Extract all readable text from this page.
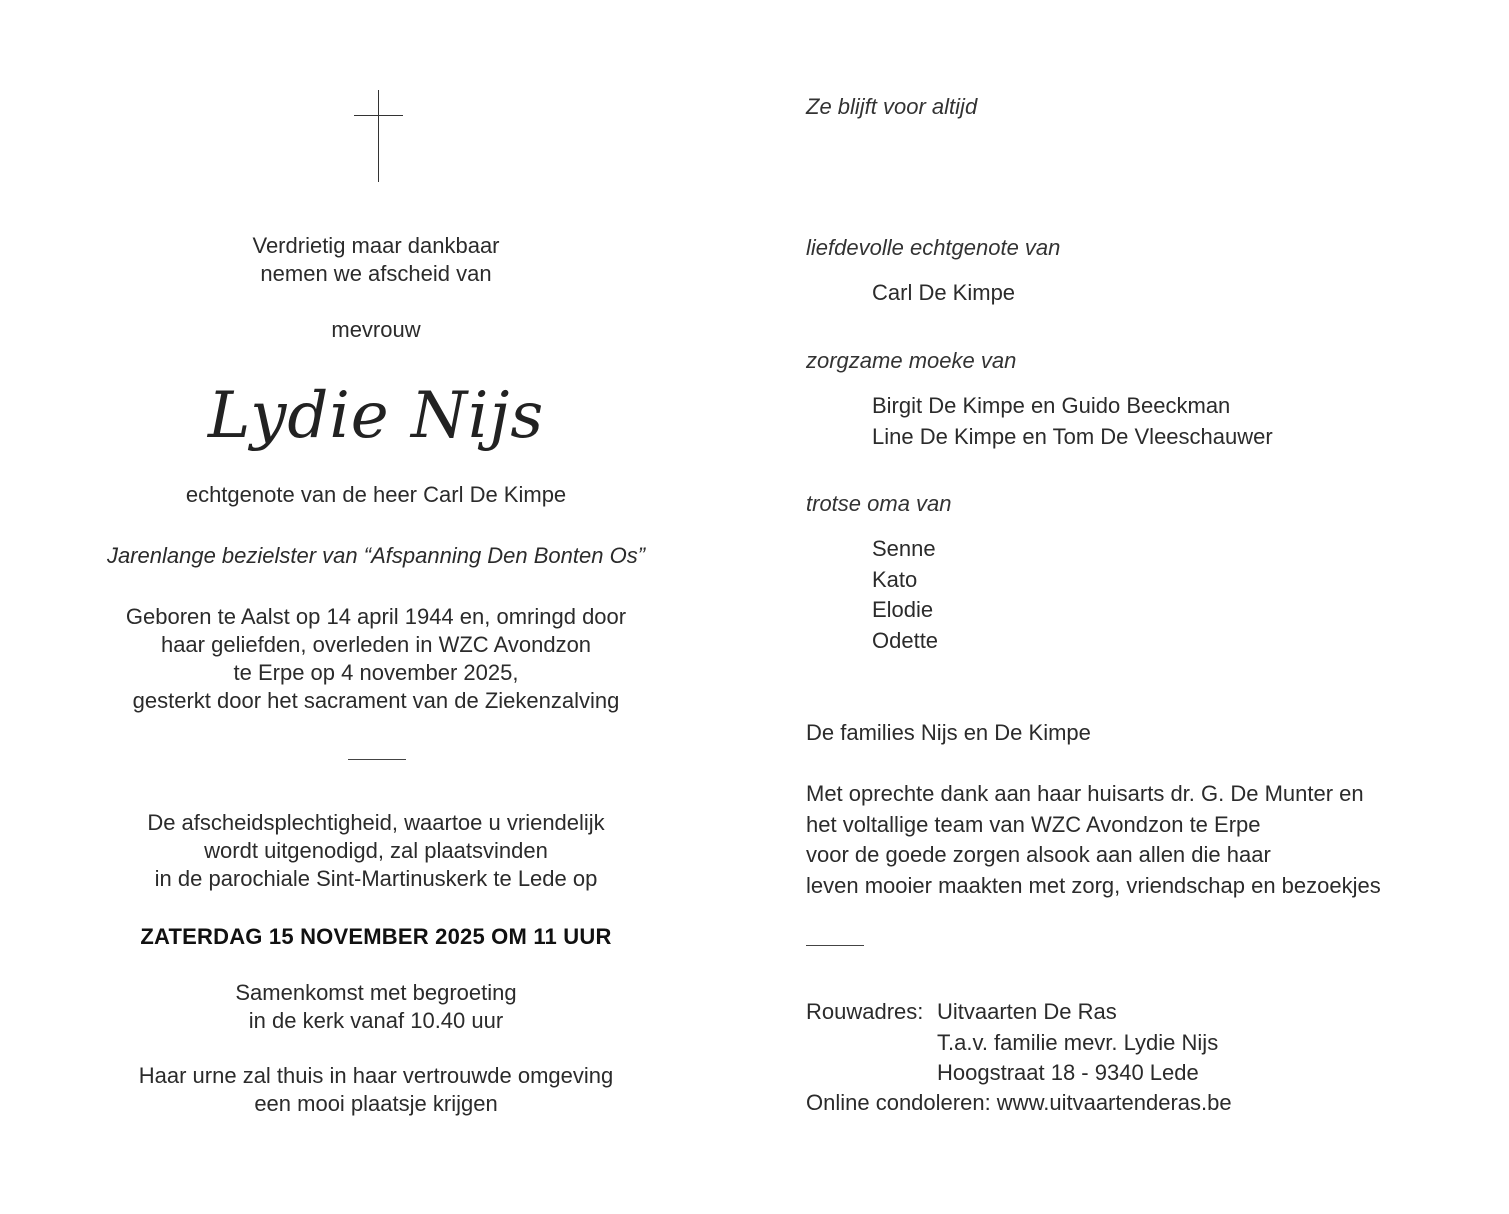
Verdrietig maar dankbaar
nemen we afscheid van
mevrouw
Lydie Nijs
echtgenote van de heer Carl De Kimpe
Jarenlange bezielster van “Afspanning Den Bonten Os”
Geboren te Aalst op 14 april 1944 en, omringd door
haar geliefden, overleden in WZC Avondzon
te Erpe op 4 november 2025,
gesterkt door het sacrament van de Ziekenzalving
De afscheidsplechtigheid, waartoe u vriendelijk
wordt uitgenodigd, zal plaatsvinden
in de parochiale Sint-Martinuskerk te Lede op
ZATERDAG 15 NOVEMBER 2025 OM 11 UUR
Samenkomst met begroeting
in de kerk vanaf 10.40 uur
Haar urne zal thuis in haar vertrouwde omgeving
een mooi plaatsje krijgen
Ze blijft voor altijd
liefdevolle echtgenote van
Carl De Kimpe
zorgzame moeke van
Birgit De Kimpe en Guido Beeckman
Line De Kimpe en Tom De Vleeschauwer
trotse oma van
Senne
Kato
Elodie
Odette
De families Nijs en De Kimpe
Met oprechte dank aan haar huisarts dr. G. De Munter en
het voltallige team van WZC Avondzon te Erpe
voor de goede zorgen alsook aan allen die haar
leven mooier maakten met zorg, vriendschap en bezoekjes
Rouwadres: Uitvaarten De Ras
T.a.v. familie mevr. Lydie Nijs
Hoogstraat 18 - 9340 Lede
Online condoleren: www.uitvaartenderas.be
